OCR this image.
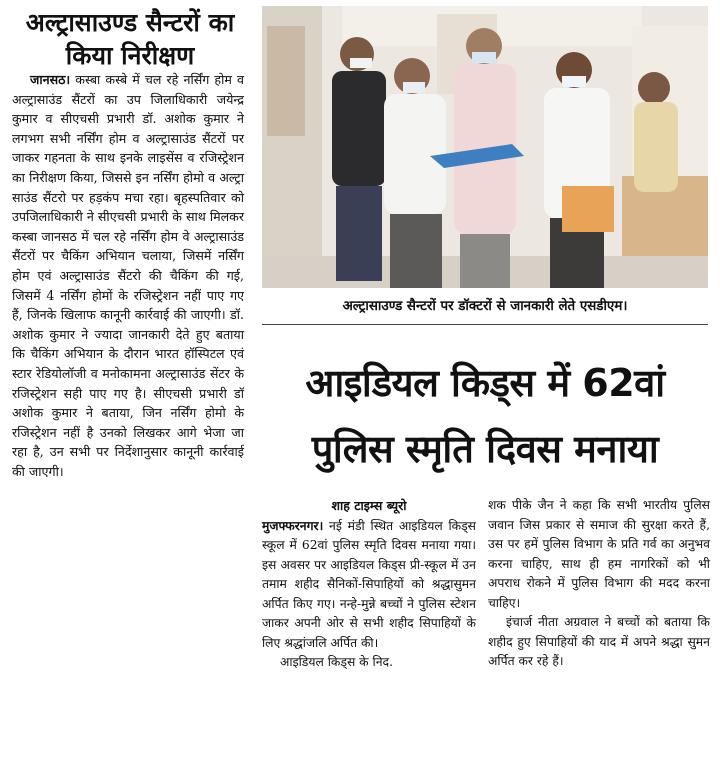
अल्ट्रासाउण्ड सैन्टरों का किया निरीक्षण

जानसठ। कस्बा कस्बे में चल रहे नर्सिंग होम व अल्ट्रासाउंड सैंटरों का उप जिलाधिकारी जयेन्द्र कुमार व सीएचसी प्रभारी डॉ. अशोक कुमार ने लगभग सभी नर्सिंग होम व अल्ट्रासाउंड सैंटरों पर जाकर गहनता के साथ इनके लाइसेंस व रजिस्ट्रेशन का निरीक्षण किया, जिससे इन नर्सिंग होमो व अल्ट्रा साउंड सैंटरो पर हड़कंप मचा रहा। बृहस्पतिवार को उपजिलाधिकारी ने सीएचसी प्रभारी के साथ मिलकर कस्बा जानसठ में चल रहे नर्सिंग होम वे अल्ट्रासाउंड सैंटरों पर चैकिंग अभियान चलाया, जिसमें नर्सिंग होम एवं अल्ट्रासाउंड सैंटरो की चैकिंग की गई, जिसमें 4 नर्सिंग होमों के रजिस्ट्रेशन नहीं पाए गए हैं, जिनके खिलाफ कानूनी कार्रवाई की जाएगी। डॉ. अशोक कुमार ने ज्यादा जानकारी देते हुए बताया कि चैकिंग अभियान के दौरान भारत हॉस्पिटल एवं स्टार रेडियोलॉजी व मनोकामना अल्ट्रासाउंड सेंटर के रजिस्ट्रेशन सही पाए गए है। सीएचसी प्रभारी डॉ अशोक कुमार ने बताया, जिन नर्सिंग होमो के रजिस्ट्रेशन नहीं है उनको लिखकर आगे भेजा जा रहा है, उन सभी पर निर्देशानुसार कानूनी कार्रवाई की जाएगी।

अल्ट्रासाउण्ड सैन्टरों पर डॉक्टरों से जानकारी लेते एसडीएम।
आइडियल किड्स में 62वां
पुलिस स्मृति दिवस मनाया

शाह टाइम्स ब्यूरो

मुजफ्फरनगर। नई मंडी स्थित आइडियल किड्स स्कूल में 62वां पुलिस स्मृति दिवस मनाया गया। इस अवसर पर आइडियल किड्स प्री-स्कूल में उन तमाम शहीद सैनिकों-सिपाहियों को श्रद्धासुमन अर्पित किए गए। नन्हे-मुन्ने बच्चों ने पुलिस स्टेशन जाकर अपनी ओर से सभी शहीद सिपाहियों के लिए श्रद्धांजलि अर्पित की।

आइडियल किड्स के निद.

शक पीके जैन ने कहा कि सभी भारतीय पुलिस जवान जिस प्रकार से समाज की सुरक्षा करते हैं, उस पर हमें पुलिस विभाग के प्रति गर्व का अनुभव करना चाहिए, साथ ही हम नागरिकों को भी अपराध रोकने में पुलिस विभाग की मदद करना चाहिए।

इंचार्ज नीता अग्रवाल ने बच्चों को बताया कि शहीद हुए सिपाहियों की याद में अपने श्रद्धा सुमन अर्पित कर रहे हैं।
